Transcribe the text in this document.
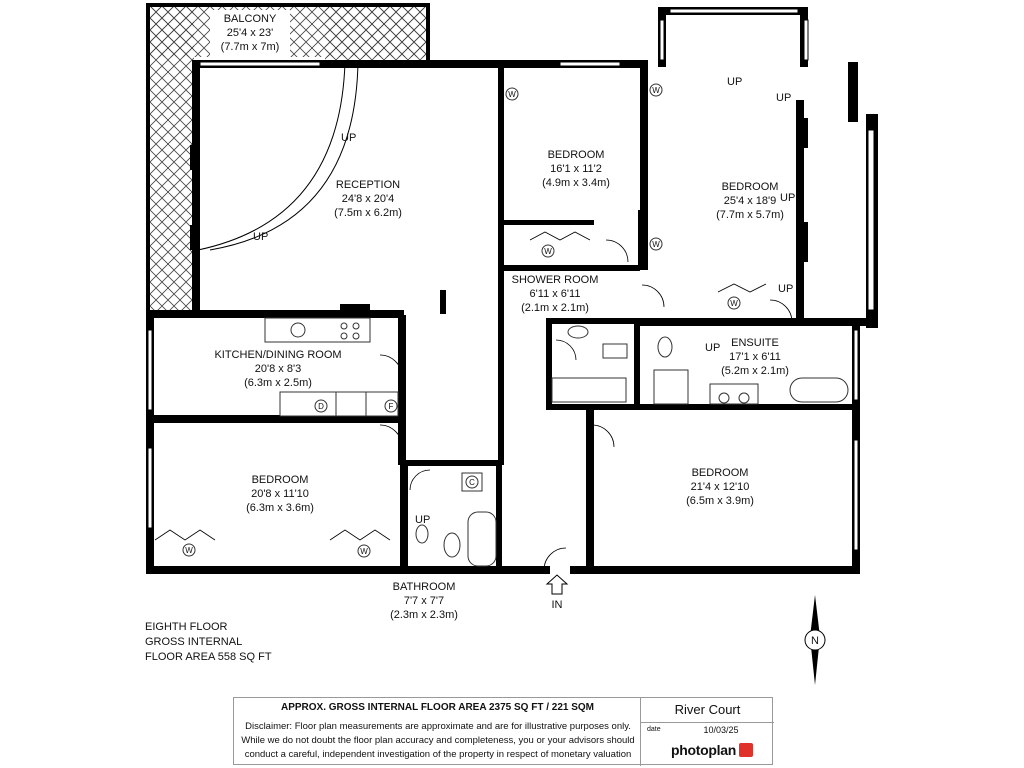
BALCONY
25'4 x 23'
(7.7m x 7m)
RECEPTION
24'8 x 20'4
(7.5m x 6.2m)
BEDROOM
16'1 x 11'2
(4.9m x 3.4m)	BEDROOM
25'4 x 18'9
(7.7m x 5.7m)
SHOWER ROOM
6'11 x 6'11
(2.1m x 2.1m)
ENSUITE
17'1 x 6'11
(5.2m x 2.1m)
KITCHEN/DINING ROOM
20'8 x 8'3
(6.3m x 2.5m)
BEDROOM
20'8 x 11'10
(6.3m x 3.6m)
BEDROOM
21'4 x 12'10
(6.5m x 3.9m)
BATHROOM
7'7 x 7'7
(2.3m x 2.3m)
UP
UP
UP
UP
UP
UP
UP
UP
W	W
W
W
W
W	W
D	F
C
IN
N
EIGHTH FLOOR
GROSS INTERNAL
FLOOR AREA 558 SQ FT
APPROX. GROSS INTERNAL FLOOR AREA 2375 SQ FT / 221 SQM
Disclaimer: Floor plan measurements are approximate and are for illustrative purposes only.
While we do not doubt the floor plan accuracy and completeness, you or your advisors should
conduct a careful, independent investigation of the property in respect of monetary valuation
River Court
date	10/03/25
photoplan
